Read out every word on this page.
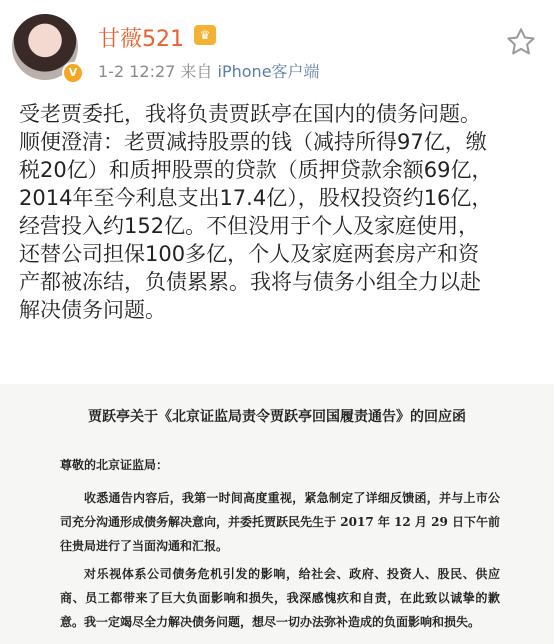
V
甘薇521	♛
1-2 12:27 来自 iPhone客户端

受老贾委托，我将负责贾跃亭在国内的债务问题。

顺便澄清：老贾减持股票的钱（减持所得97亿，缴

税20亿）和质押股票的贷款（质押贷款余额69亿，

2014年至今利息支出17.4亿），股权投资约16亿，

经营投入约152亿。不但没用于个人及家庭使用，

还替公司担保100多亿，个人及家庭两套房产和资

产都被冻结，负债累累。我将与债务小组全力以赴

解决债务问题。

贾跃亭关于《北京证监局责令贾跃亭回国履责通告》的回应函
尊敬的北京证监局：

收悉通告内容后，我第一时间高度重视，紧急制定了详细反馈函，并与上市公司充分沟通形成债务解决意向，并委托贾跃民先生于 2017 年 12 月 29 日下午前往贵局进行了当面沟通和汇报。

对乐视体系公司债务危机引发的影响，给社会、政府、投资人、股民、供应商、员工都带来了巨大负面影响和损失，我深感愧疚和自责，在此致以诚挚的歉意。我一定竭尽全力解决债务问题，想尽一切办法弥补造成的负面影响和损失。
